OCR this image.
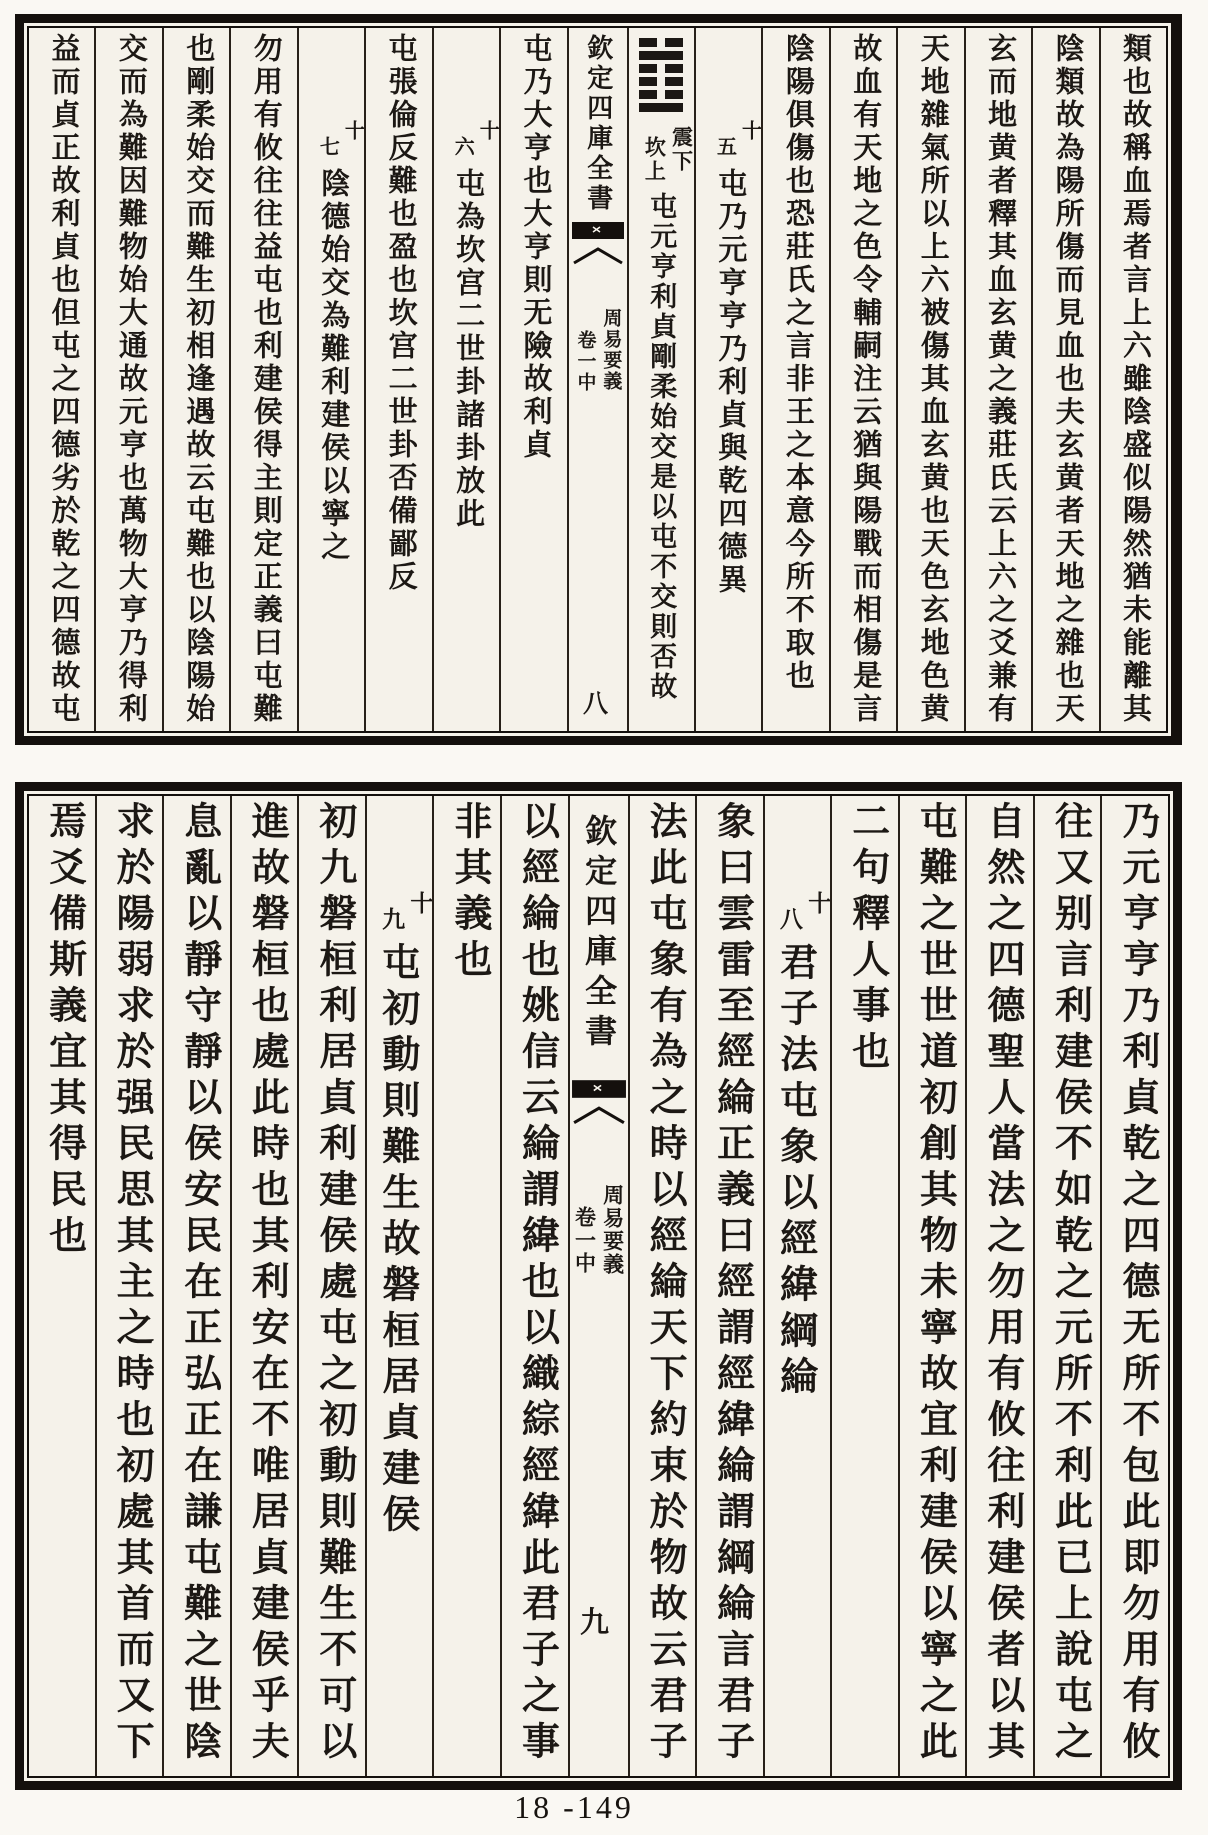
類也故稱血焉者言上六雖陰盛似陽然猶未能離其
陰類故為陽所傷而見血也夫玄黄者天地之雜也天
玄而地黄者釋其血玄黄之義莊氏云上六之爻兼有
天地雜氣所以上六被傷其血玄黄也天色玄地色黄
故血有天地之色令輔嗣注云猶與陽戰而相傷是言
陰陽俱傷也恐莊氏之言非王之本意今所不取也
十
五
屯乃元亨亨乃利貞與乾四德異
震下
坎上
屯元亨利貞剛柔始交是以屯不交則否故
欽定四庫全書
周易要義
卷一中
八
屯乃大亨也大亨則无險故利貞
十
六
屯為坎宫二世卦諸卦放此
屯張倫反難也盈也坎宫二世卦否備鄙反
十
七
陰德始交為難利建侯以寧之
勿用有攸往往益屯也利建侯得主則定正義曰屯難
也剛柔始交而難生初相逢遇故云屯難也以陰陽始
交而為難因難物始大通故元亨也萬物大亨乃得利
益而貞正故利貞也但屯之四德劣於乾之四德故屯
乃元亨亨乃利貞乾之四德无所不包此即勿用有攸
往又别言利建侯不如乾之元所不利此已上說屯之
自然之四德聖人當法之勿用有攸往利建侯者以其
屯難之世世道初創其物未寧故宜利建侯以寧之此
二句釋人事也
十
八
君子法屯象以經緯綱綸
象曰雲雷至經綸正義曰經謂經緯綸謂綱綸言君子
法此屯象有為之時以經綸天下約束於物故云君子
欽定四庫全書
周易要義
卷一中
九
以經綸也姚信云綸謂緯也以織綜經緯此君子之事
非其義也
十
九
屯初動則難生故磐桓居貞建侯
初九磐桓利居貞利建侯處屯之初動則難生不可以
進故磐桓也處此時也其利安在不唯居貞建侯乎夫
息亂以靜守靜以侯安民在正弘正在謙屯難之世陰
求於陽弱求於强民思其主之時也初處其首而又下
焉爻備斯義宜其得民也
18 -149
